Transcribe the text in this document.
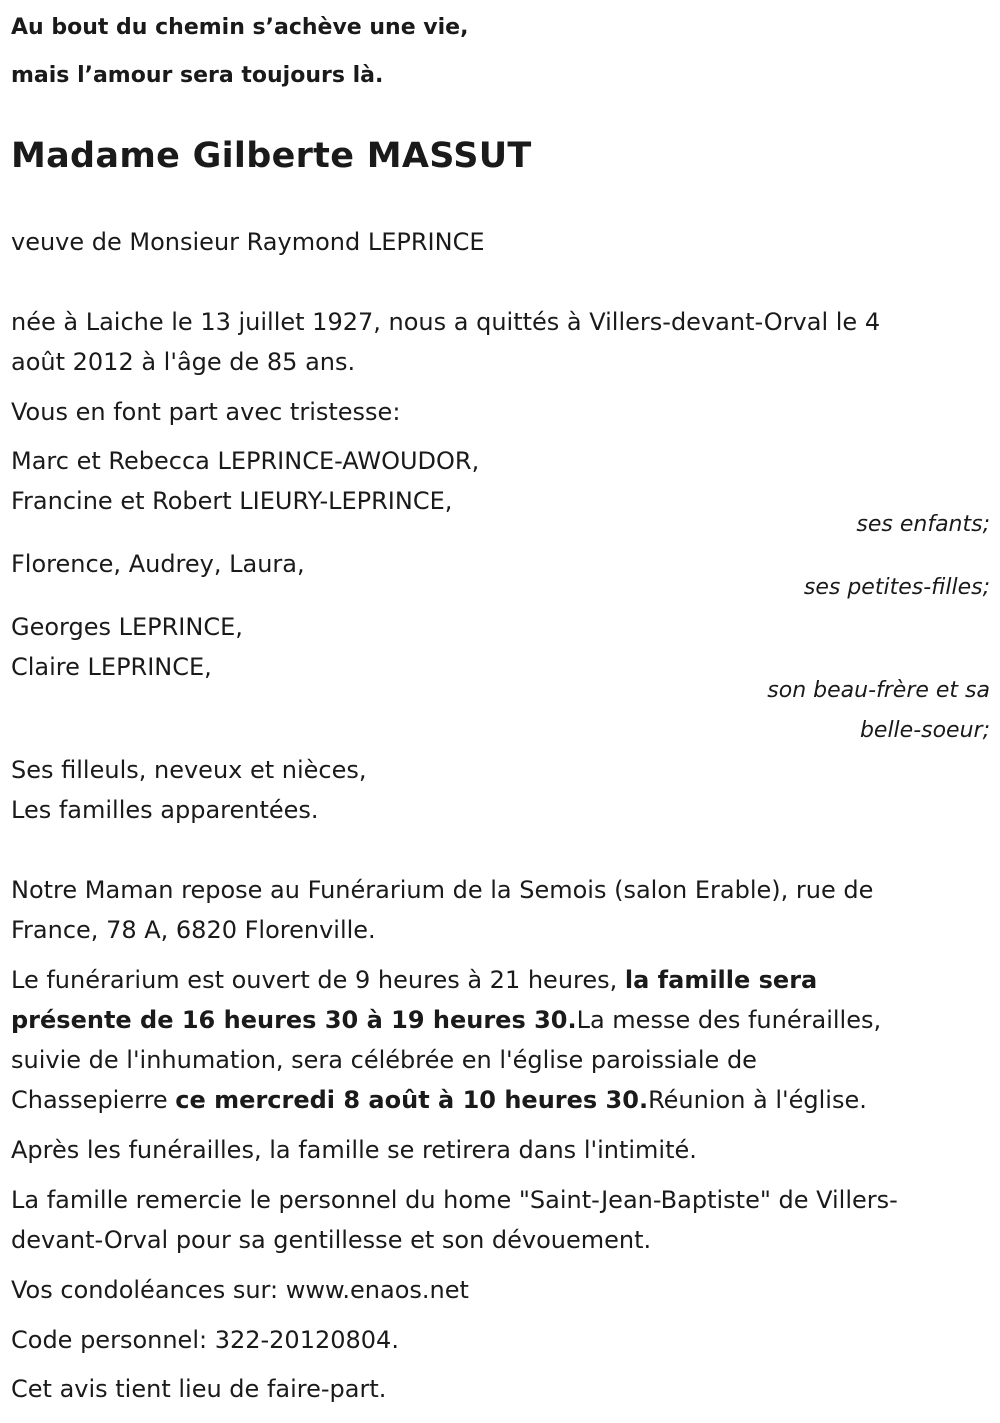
Au bout du chemin s’achève une vie,

mais l’amour sera toujours là.

Madame Gilberte MASSUT

veuve de Monsieur Raymond LEPRINCE

née à Laiche le 13 juillet 1927, nous a quittés à Villers-devant-Orval le 4

août 2012 à l'âge de 85 ans.

Vous en font part avec tristesse:

Marc et Rebecca LEPRINCE-AWOUDOR,

Francine et Robert LIEURY-LEPRINCE,

ses enfants;

Florence, Audrey, Laura,

ses petites-filles;

Georges LEPRINCE,

Claire LEPRINCE,

son beau-frère et sa

belle-soeur;

Ses filleuls, neveux et nièces,

Les familles apparentées.

Notre Maman repose au Funérarium de la Semois (salon Erable), rue de

France, 78 A, 6820 Florenville.

Le funérarium est ouvert de 9 heures à 21 heures, la famille sera

présente de 16 heures 30 à 19 heures 30.La messe des funérailles,

suivie de l'inhumation, sera célébrée en l'église paroissiale de

Chassepierre ce mercredi 8 août à 10 heures 30.Réunion à l'église.

Après les funérailles, la famille se retirera dans l'intimité.

La famille remercie le personnel du home "Saint-Jean-Baptiste" de Villers-

devant-Orval pour sa gentillesse et son dévouement.

Vos condoléances sur: www.enaos.net

Code personnel: 322-20120804.

Cet avis tient lieu de faire-part.
